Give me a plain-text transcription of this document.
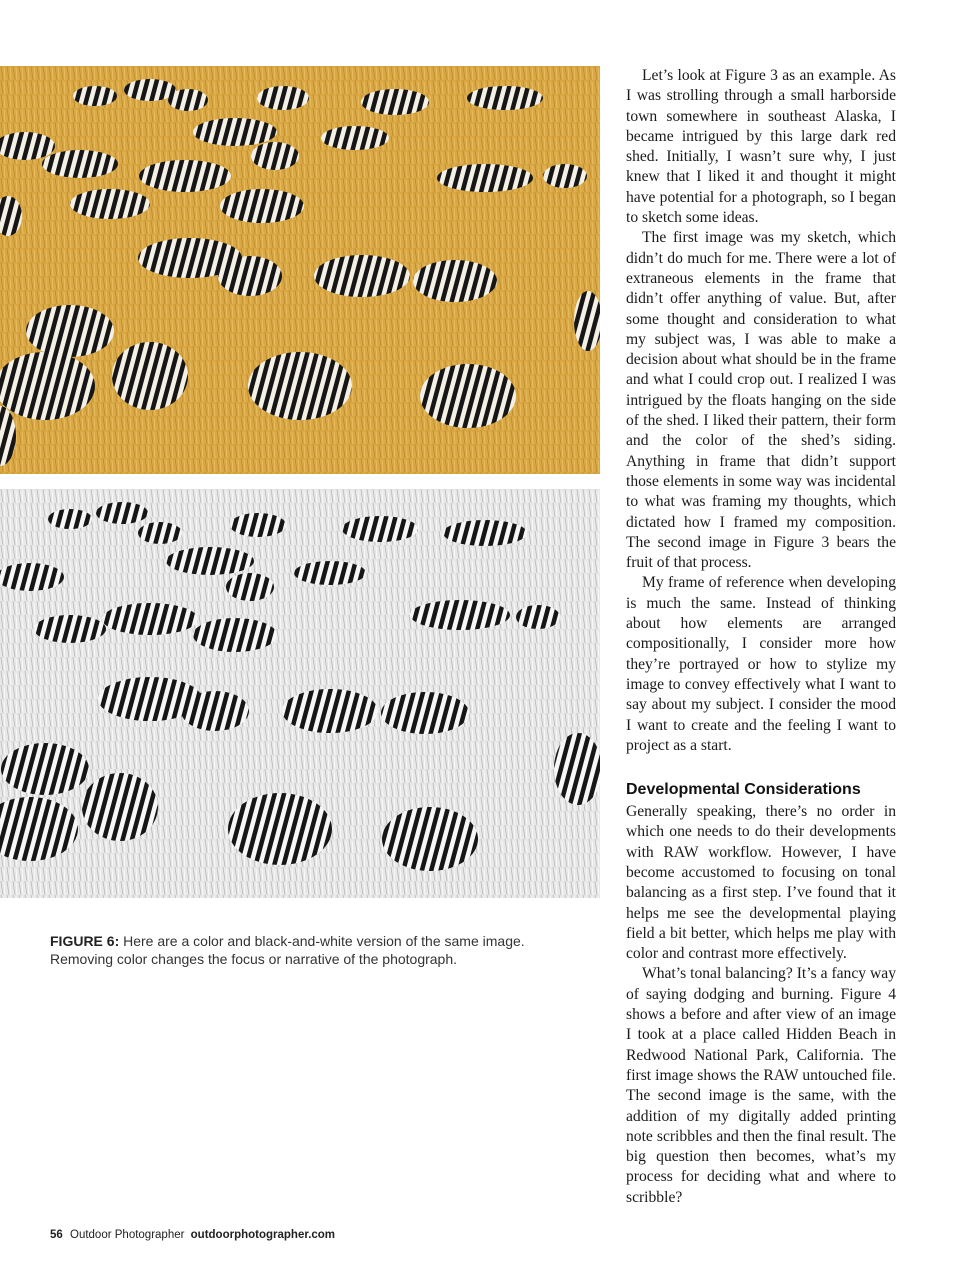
FIGURE 6: Here are a color and black-and-white version of the same image. Removing color changes the focus or narrative of the photograph.

Let’s look at Figure 3 as an example. As I was strolling through a small harborside town somewhere in southeast Alaska, I became intrigued by this large dark red shed. Initially, I wasn’t sure why, I just knew that I liked it and thought it might have potential for a photograph, so I began to sketch some ideas.

The first image was my sketch, which didn’t do much for me. There were a lot of extraneous elements in the frame that didn’t offer anything of value. But, after some thought and consideration to what my subject was, I was able to make a decision about what should be in the frame and what I could crop out. I realized I was intrigued by the floats hanging on the side of the shed. I liked their pattern, their form and the color of the shed’s siding. Anything in frame that didn’t support those elements in some way was incidental to what was framing my thoughts, which dictated how I framed my composition. The second image in Figure 3 bears the fruit of that process.

My frame of reference when developing is much the same. Instead of thinking about how elements are arranged compositionally, I consider more how they’re portrayed or how to stylize my image to convey effectively what I want to say about my subject. I consider the mood I want to create and the feeling I want to project as a start.

Developmental Considerations

Generally speaking, there’s no order in which one needs to do their developments with RAW workflow. However, I have become accustomed to focusing on tonal balancing as a first step. I’ve found that it helps me see the developmental playing field a bit better, which helps me play with color and contrast more effectively.

What’s tonal balancing? It’s a fancy way of saying dodging and burning. Figure 4 shows a before and after view of an image I took at a place called Hidden Beach in Redwood National Park, California. The first image shows the RAW untouched file. The second image is the same, with the addition of my digitally added printing note scribbles and then the final result. The big question then becomes, what’s my process for deciding what and where to scribble?

56 Outdoor Photographer outdoorphotographer.com
